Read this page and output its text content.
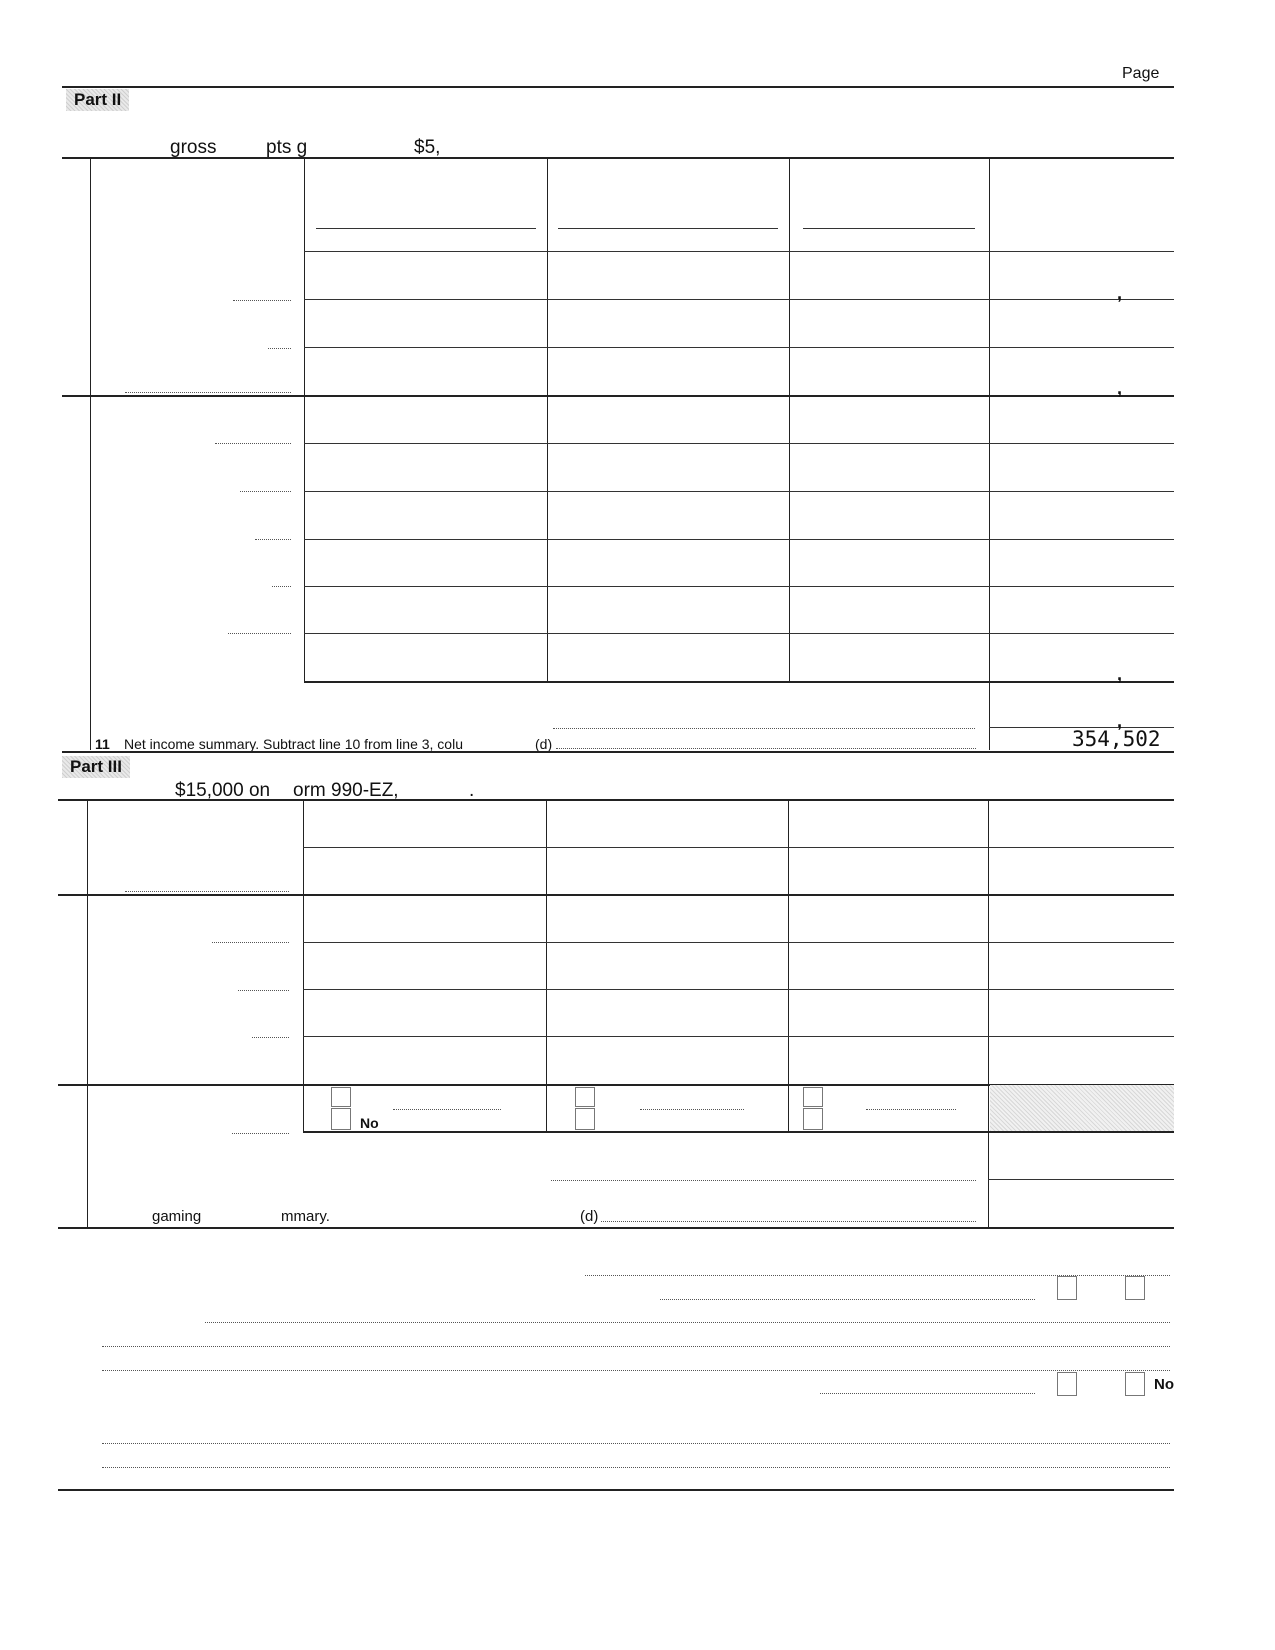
Page
Part II
gross	pts g	$5,
,
,
,
,
11 Net income summary. Subtract line 10 from line 3, colu	(d)	354,502
Part III
$15,000 on orm 990-EZ,	.
No
gaming	mmary.	(d)
No
